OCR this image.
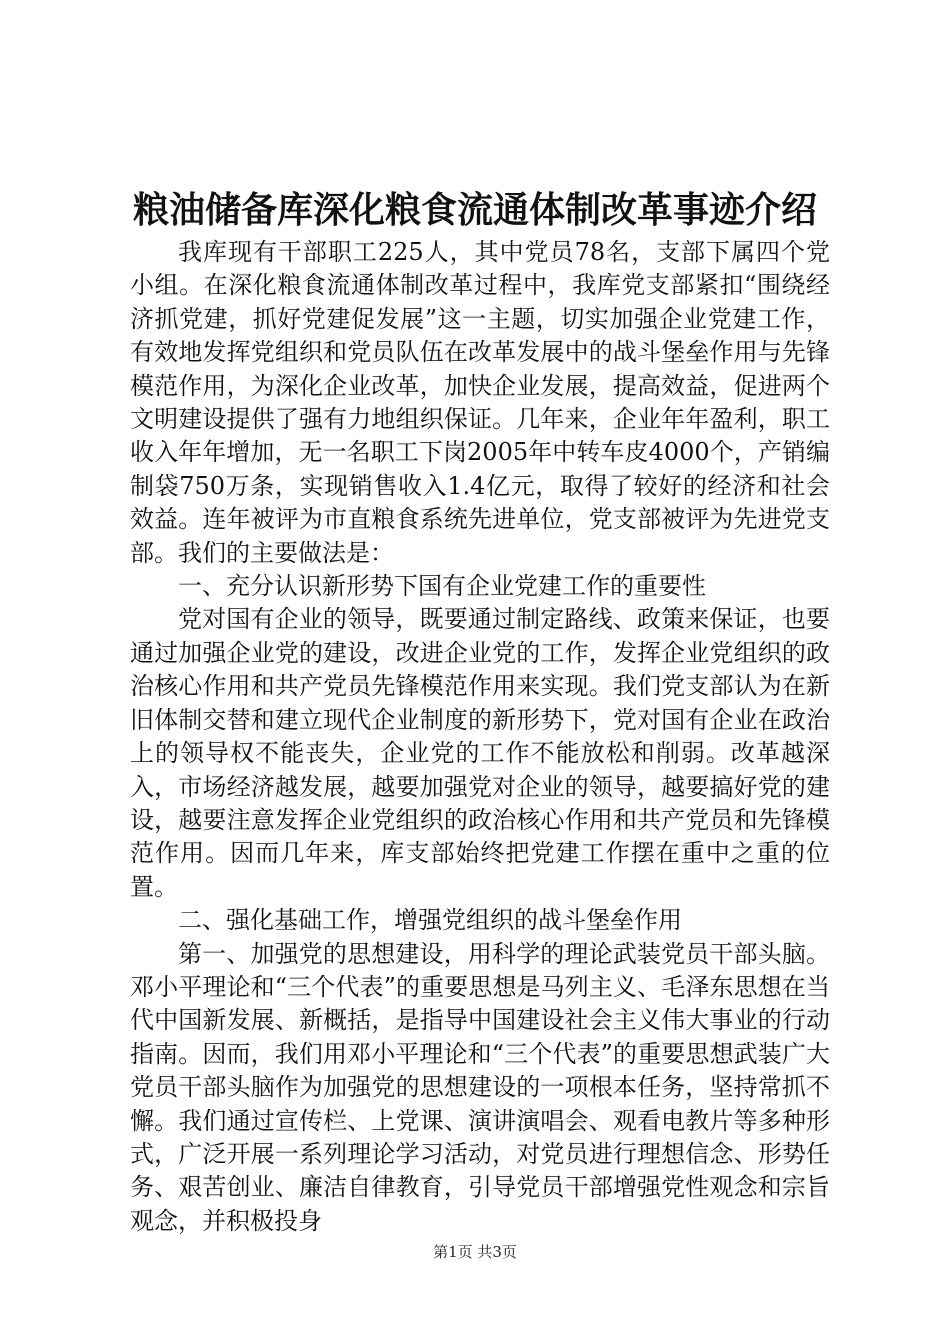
粮油储备库深化粮食流通体制改革事迹介绍

我库现有干部职工225人，其中党员78名，支部下属四个党小组。在深化粮食流通体制改革过程中，我库党支部紧扣“围绕经济抓党建，抓好党建促发展”这一主题，切实加强企业党建工作，有效地发挥党组织和党员队伍在改革发展中的战斗堡垒作用与先锋模范作用，为深化企业改革，加快企业发展，提高效益，促进两个文明建设提供了强有力地组织保证。几年来，企业年年盈利，职工收入年年增加，无一名职工下岗2005年中转车皮4000个，产销编制袋750万条，实现销售收入1.4亿元，取得了较好的经济和社会效益。连年被评为市直粮食系统先进单位，党支部被评为先进党支部。我们的主要做法是：

一、充分认识新形势下国有企业党建工作的重要性

党对国有企业的领导，既要通过制定路线、政策来保证，也要通过加强企业党的建设，改进企业党的工作，发挥企业党组织的政治核心作用和共产党员先锋模范作用来实现。我们党支部认为在新旧体制交替和建立现代企业制度的新形势下，党对国有企业在政治上的领导权不能丧失，企业党的工作不能放松和削弱。改革越深入，市场经济越发展，越要加强党对企业的领导，越要搞好党的建设，越要注意发挥企业党组织的政治核心作用和共产党员和先锋模范作用。因而几年来，库支部始终把党建工作摆在重中之重的位置。

二、强化基础工作，增强党组织的战斗堡垒作用

第一、加强党的思想建设，用科学的理论武装党员干部头脑。邓小平理论和“三个代表”的重要思想是马列主义、毛泽东思想在当代中国新发展、新概括，是指导中国建设社会主义伟大事业的行动指南。因而，我们用邓小平理论和“三个代表”的重要思想武装广大党员干部头脑作为加强党的思想建设的一项根本任务，坚持常抓不懈。我们通过宣传栏、上党课、演讲演唱会、观看电教片等多种形式，广泛开展一系列理论学习活动，对党员进行理想信念、形势任务、艰苦创业、廉洁自律教育，引导党员干部增强党性观念和宗旨观念，并积极投身

第1页 共3页
